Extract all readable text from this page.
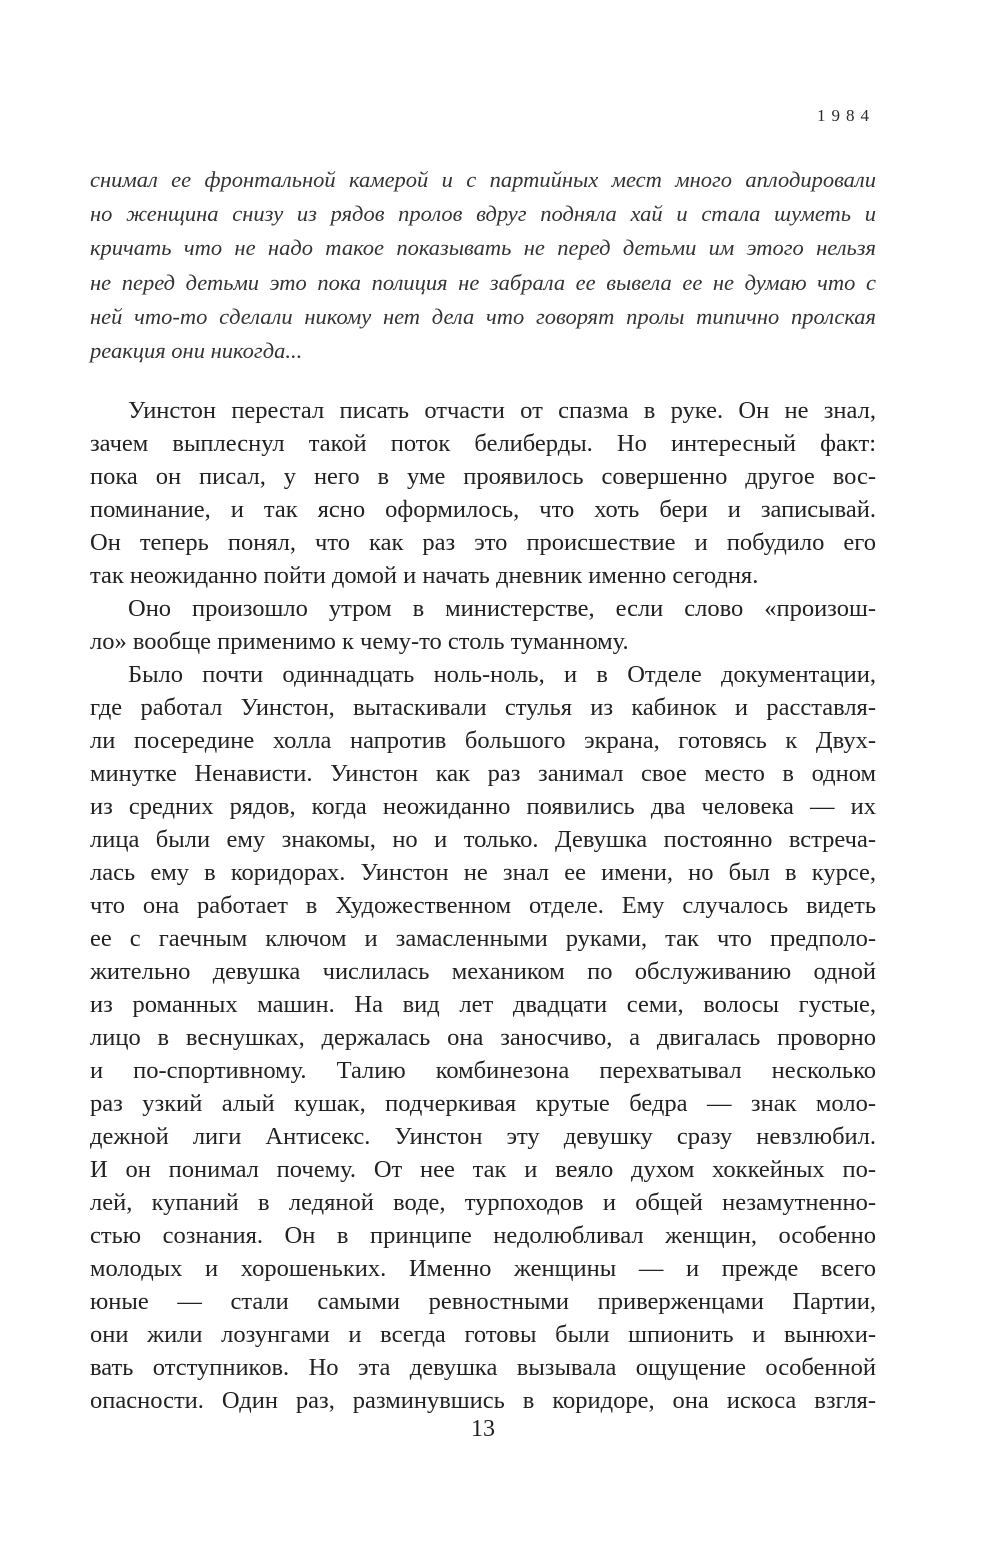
1984
снимал ее фронтальной камерой и с партийных мест много аплодировали
но женщина снизу из рядов пролов вдруг подняла хай и стала шуметь и
кричать что не надо такое показывать не перед детьми им этого нельзя
не перед детьми это пока полиция не забрала ее вывела ее не думаю что с
ней что-то сделали никому нет дела что говорят пролы типично пролская
реакция они никогда...
Уинстон перестал писать отчасти от спазма в руке. Он не знал,
зачем выплеснул такой поток белиберды. Но интересный факт:
пока он писал, у него в уме проявилось совершенно другое вос-
поминание, и так ясно оформилось, что хоть бери и записывай.
Он теперь понял, что как раз это происшествие и побудило его
так неожиданно пойти домой и начать дневник именно сегодня.
Оно произошло утром в министерстве, если слово «произош-
ло» вообще применимо к чему-то столь туманному.
Было почти одиннадцать ноль-ноль, и в Отделе документации,
где работал Уинстон, вытаскивали стулья из кабинок и расставля-
ли посередине холла напротив большого экрана, готовясь к Двух-
минутке Ненависти. Уинстон как раз занимал свое место в одном
из средних рядов, когда неожиданно появились два человека — их
лица были ему знакомы, но и только. Девушка постоянно встреча-
лась ему в коридорах. Уинстон не знал ее имени, но был в курсе,
что она работает в Художественном отделе. Ему случалось видеть
ее с гаечным ключом и замасленными руками, так что предполо-
жительно девушка числилась механиком по обслуживанию одной
из романных машин. На вид лет двадцати семи, волосы густые,
лицо в веснушках, держалась она заносчиво, а двигалась проворно
и по-спортивному. Талию комбинезона перехватывал несколько
раз узкий алый кушак, подчеркивая крутые бедра — знак моло-
дежной лиги Антисекс. Уинстон эту девушку сразу невзлюбил.
И он понимал почему. От нее так и веяло духом хоккейных по-
лей, купаний в ледяной воде, турпоходов и общей незамутненно-
стью сознания. Он в принципе недолюбливал женщин, особенно
молодых и хорошеньких. Именно женщины — и прежде всего
юные — стали самыми ревностными приверженцами Партии,
они жили лозунгами и всегда готовы были шпионить и вынюхи-
вать отступников. Но эта девушка вызывала ощущение особенной
опасности. Один раз, разминувшись в коридоре, она искоса взгля-
13
